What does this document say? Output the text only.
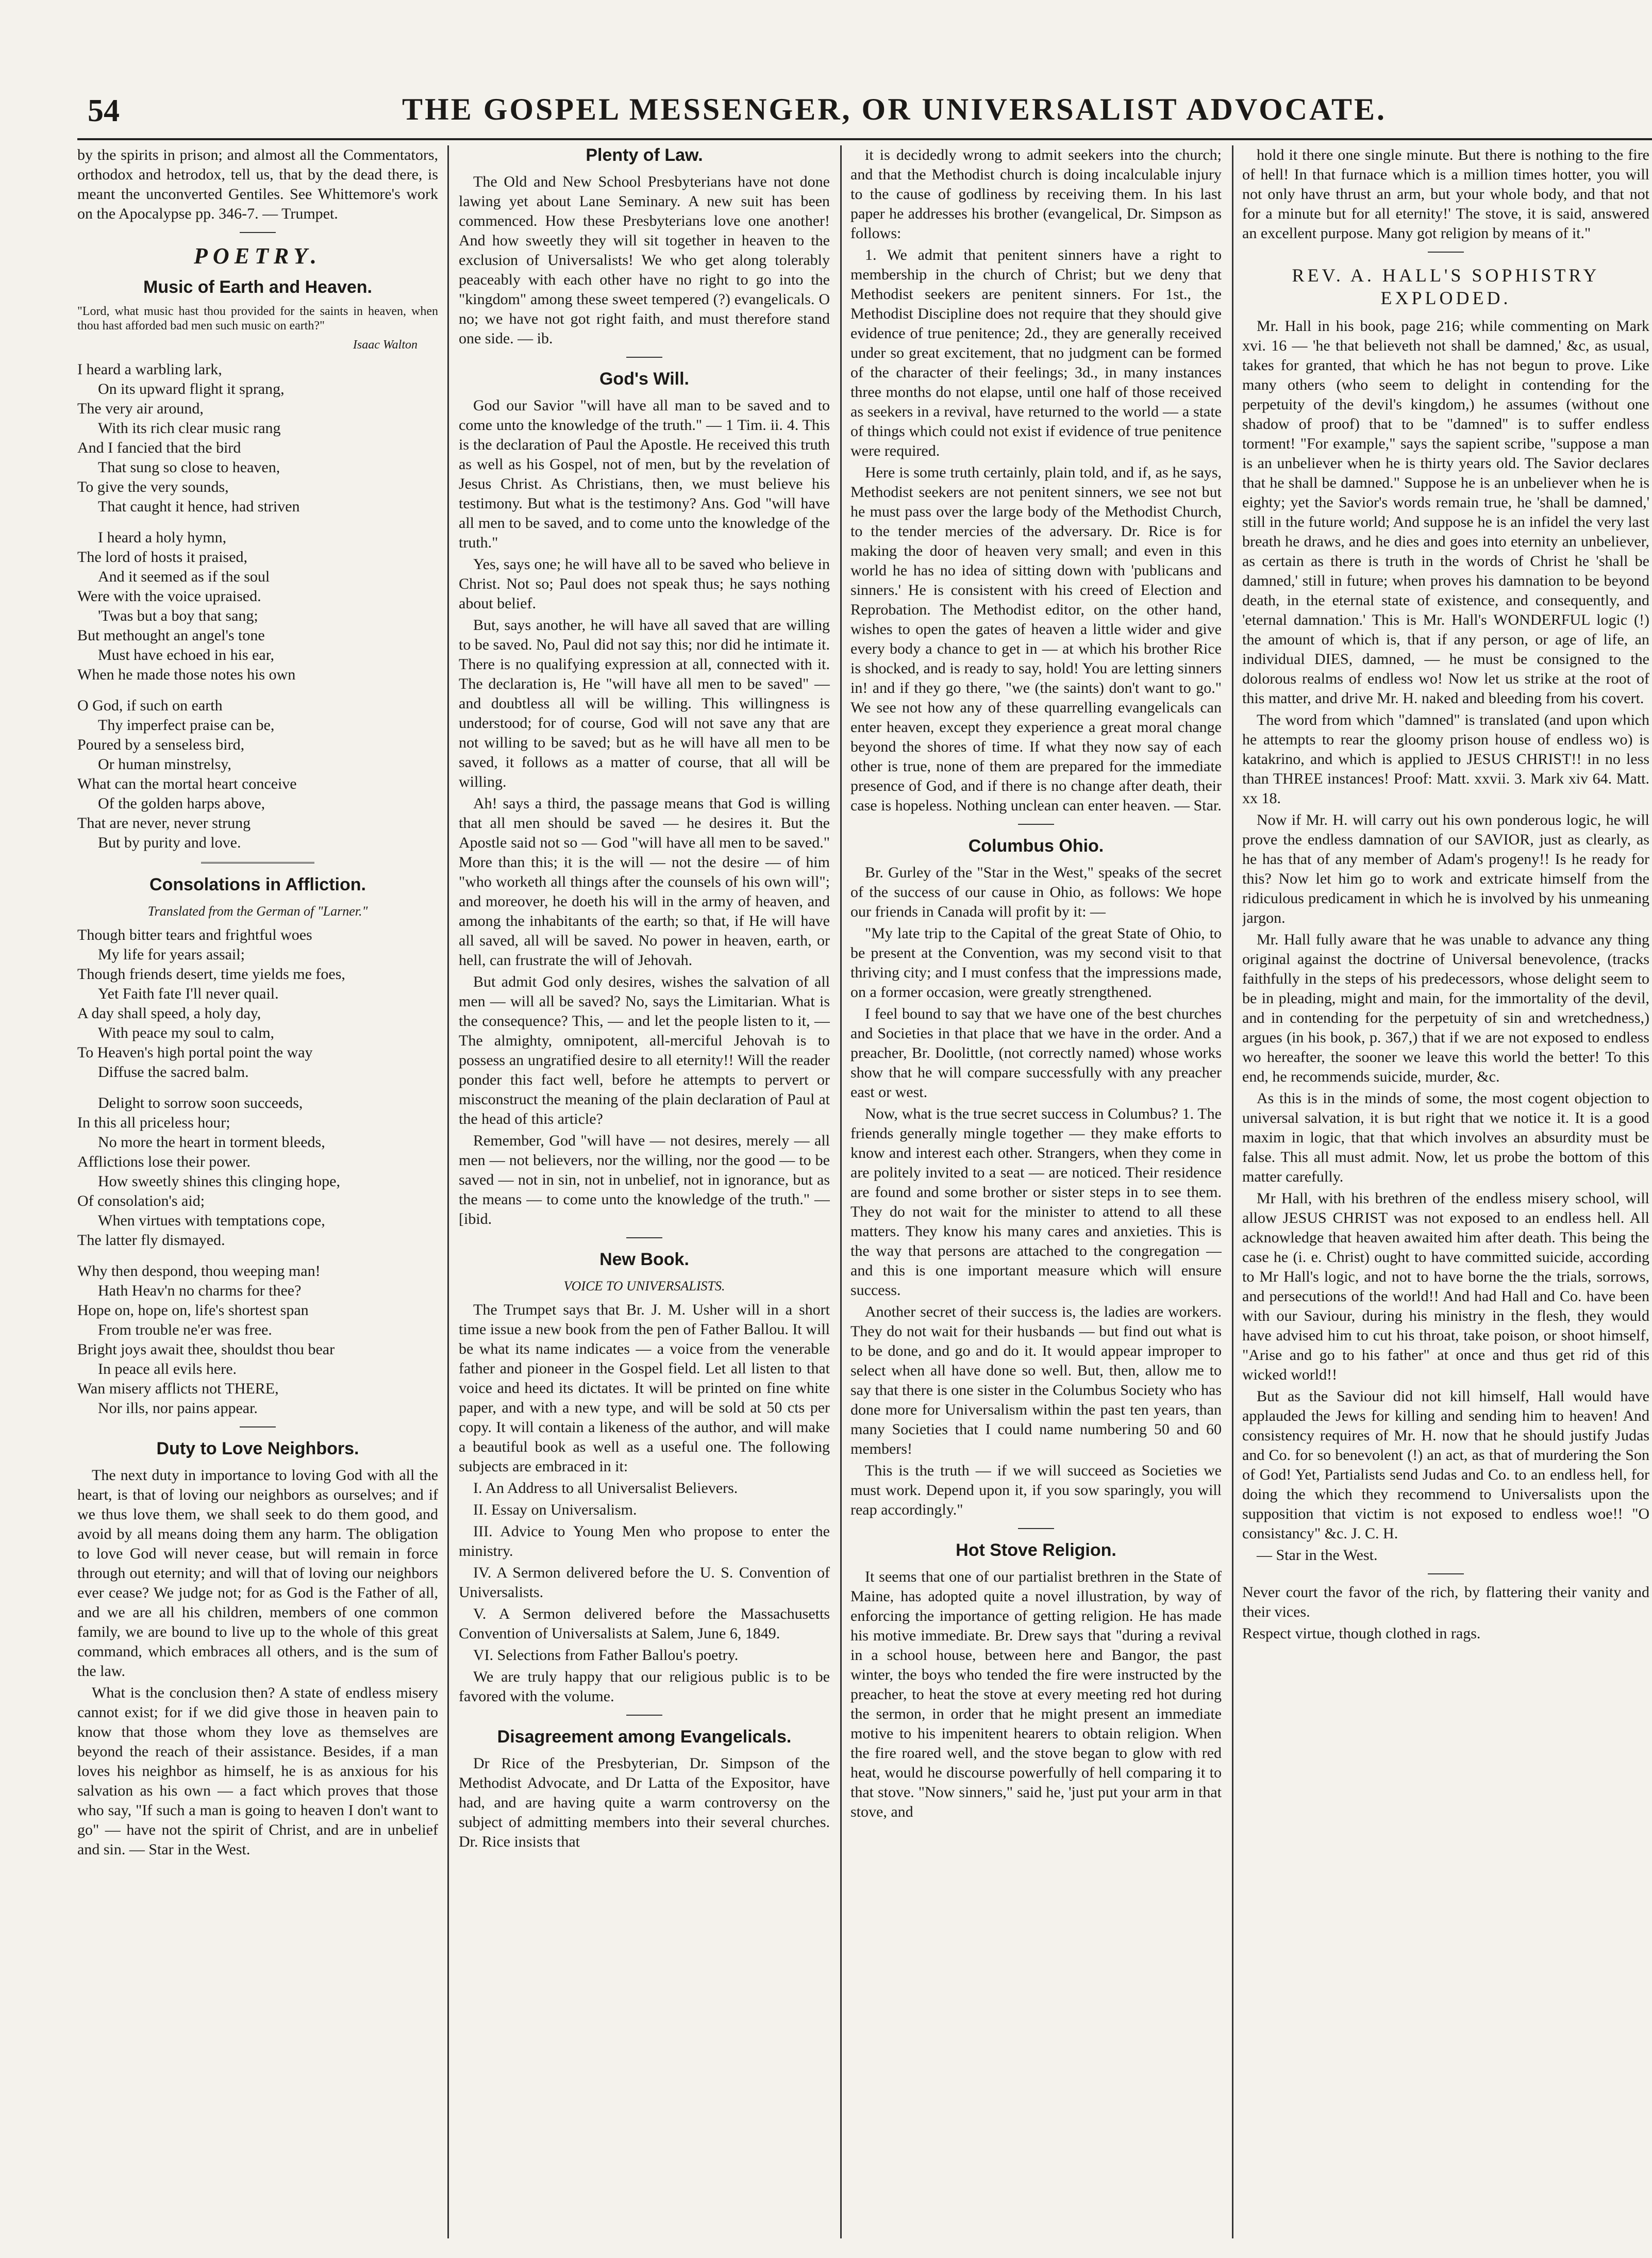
54	THE GOSPEL MESSENGER, OR UNIVERSALIST ADVOCATE.

by the spirits in prison; and almost all the Commentators, orthodox and hetrodox, tell us, that by the dead there, is meant the unconverted Gentiles. See Whittemore's work on the Apocalypse pp. 346-7. — Trumpet.

POETRY.
Music of Earth and Heaven.

"Lord, what music hast thou provided for the saints in heaven, when thou hast afforded bad men such music on earth?"

Isaac Walton
I heard a warbling lark,
On its upward flight it sprang,
The very air around,
With its rich clear music rang
And I fancied that the bird
That sung so close to heaven,
To give the very sounds,
That caught it hence, had striven
I heard a holy hymn,
The lord of hosts it praised,
And it seemed as if the soul
Were with the voice upraised.
'Twas but a boy that sang;
But methought an angel's tone
Must have echoed in his ear,
When he made those notes his own
O God, if such on earth
Thy imperfect praise can be,
Poured by a senseless bird,
Or human minstrelsy,
What can the mortal heart conceive
Of the golden harps above,
That are never, never strung
But by purity and love.
Consolations in Affliction.
Translated from the German of "Larner."
Though bitter tears and frightful woes
My life for years assail;
Though friends desert, time yields me foes,
Yet Faith fate I'll never quail.
A day shall speed, a holy day,
With peace my soul to calm,
To Heaven's high portal point the way
Diffuse the sacred balm.
Delight to sorrow soon succeeds,
In this all priceless hour;
No more the heart in torment bleeds,
Afflictions lose their power.
How sweetly shines this clinging hope,
Of consolation's aid;
When virtues with temptations cope,
The latter fly dismayed.
Why then despond, thou weeping man!
Hath Heav'n no charms for thee?
Hope on, hope on, life's shortest span
From trouble ne'er was free.
Bright joys await thee, shouldst thou bear
In peace all evils here.
Wan misery afflicts not THERE,
Nor ills, nor pains appear.
Duty to Love Neighbors.

The next duty in importance to loving God with all the heart, is that of loving our neighbors as ourselves; and if we thus love them, we shall seek to do them good, and avoid by all means doing them any harm. The obligation to love God will never cease, but will remain in force through out eternity; and will that of loving our neighbors ever cease? We judge not; for as God is the Father of all, and we are all his children, members of one common family, we are bound to live up to the whole of this great command, which embraces all others, and is the sum of the law.

What is the conclusion then? A state of endless misery cannot exist; for if we did give those in heaven pain to know that those whom they love as themselves are beyond the reach of their assistance. Besides, if a man loves his neighbor as himself, he is as anxious for his salvation as his own — a fact which proves that those who say, "If such a man is going to heaven I don't want to go" — have not the spirit of Christ, and are in unbelief and sin. — Star in the West.

Plenty of Law.

The Old and New School Presbyterians have not done lawing yet about Lane Seminary. A new suit has been commenced. How these Presbyterians love one another! And how sweetly they will sit together in heaven to the exclusion of Universalists! We who get along tolerably peaceably with each other have no right to go into the "kingdom" among these sweet tempered (?) evangelicals. O no; we have not got right faith, and must therefore stand one side. — ib.

God's Will.

God our Savior "will have all man to be saved and to come unto the knowledge of the truth." — 1 Tim. ii. 4. This is the declaration of Paul the Apostle. He received this truth as well as his Gospel, not of men, but by the revelation of Jesus Christ. As Christians, then, we must believe his testimony. But what is the testimony? Ans. God "will have all men to be saved, and to come unto the knowledge of the truth."

Yes, says one; he will have all to be saved who believe in Christ. Not so; Paul does not speak thus; he says nothing about belief.

But, says another, he will have all saved that are willing to be saved. No, Paul did not say this; nor did he intimate it. There is no qualifying expression at all, connected with it. The declaration is, He "will have all men to be saved" — and doubtless all will be willing. This willingness is understood; for of course, God will not save any that are not willing to be saved; but as he will have all men to be saved, it follows as a matter of course, that all will be willing.

Ah! says a third, the passage means that God is willing that all men should be saved — he desires it. But the Apostle said not so — God "will have all men to be saved." More than this; it is the will — not the desire — of him "who worketh all things after the counsels of his own will"; and moreover, he doeth his will in the army of heaven, and among the inhabitants of the earth; so that, if He will have all saved, all will be saved. No power in heaven, earth, or hell, can frustrate the will of Jehovah.

But admit God only desires, wishes the salvation of all men — will all be saved? No, says the Limitarian. What is the consequence? This, — and let the people listen to it, — The almighty, omnipotent, all-merciful Jehovah is to possess an ungratified desire to all eternity!! Will the reader ponder this fact well, before he attempts to pervert or misconstruct the meaning of the plain declaration of Paul at the head of this article?

Remember, God "will have — not desires, merely — all men — not believers, nor the willing, nor the good — to be saved — not in sin, not in unbelief, not in ignorance, but as the means — to come unto the knowledge of the truth." — [ibid.

New Book.
VOICE TO UNIVERSALISTS.

The Trumpet says that Br. J. M. Usher will in a short time issue a new book from the pen of Father Ballou. It will be what its name indicates — a voice from the venerable father and pioneer in the Gospel field. Let all listen to that voice and heed its dictates. It will be printed on fine white paper, and with a new type, and will be sold at 50 cts per copy. It will contain a likeness of the author, and will make a beautiful book as well as a useful one. The following subjects are embraced in it:

I. An Address to all Universalist Believers.

II. Essay on Universalism.

III. Advice to Young Men who propose to enter the ministry.

IV. A Sermon delivered before the U. S. Convention of Universalists.

V. A Sermon delivered before the Massachusetts Convention of Universalists at Salem, June 6, 1849.

VI. Selections from Father Ballou's poetry.

We are truly happy that our religious public is to be favored with the volume.

Disagreement among Evangelicals.

Dr Rice of the Presbyterian, Dr. Simpson of the Methodist Advocate, and Dr Latta of the Expositor, have had, and are having quite a warm controversy on the subject of admitting members into their several churches. Dr. Rice insists that

it is decidedly wrong to admit seekers into the church; and that the Methodist church is doing incalculable injury to the cause of godliness by receiving them. In his last paper he addresses his brother (evangelical, Dr. Simpson as follows:

1. We admit that penitent sinners have a right to membership in the church of Christ; but we deny that Methodist seekers are penitent sinners. For 1st., the Methodist Discipline does not require that they should give evidence of true penitence; 2d., they are generally received under so great excitement, that no judgment can be formed of the character of their feelings; 3d., in many instances three months do not elapse, until one half of those received as seekers in a revival, have returned to the world — a state of things which could not exist if evidence of true penitence were required.

Here is some truth certainly, plain told, and if, as he says, Methodist seekers are not penitent sinners, we see not but he must pass over the large body of the Methodist Church, to the tender mercies of the adversary. Dr. Rice is for making the door of heaven very small; and even in this world he has no idea of sitting down with 'publicans and sinners.' He is consistent with his creed of Election and Reprobation. The Methodist editor, on the other hand, wishes to open the gates of heaven a little wider and give every body a chance to get in — at which his brother Rice is shocked, and is ready to say, hold! You are letting sinners in! and if they go there, "we (the saints) don't want to go." We see not how any of these quarrelling evangelicals can enter heaven, except they experience a great moral change beyond the shores of time. If what they now say of each other is true, none of them are prepared for the immediate presence of God, and if there is no change after death, their case is hopeless. Nothing unclean can enter heaven. — Star.

Columbus Ohio.

Br. Gurley of the "Star in the West," speaks of the secret of the success of our cause in Ohio, as follows: We hope our friends in Canada will profit by it: —

"My late trip to the Capital of the great State of Ohio, to be present at the Convention, was my second visit to that thriving city; and I must confess that the impressions made, on a former occasion, were greatly strengthened.

I feel bound to say that we have one of the best churches and Societies in that place that we have in the order. And a preacher, Br. Doolittle, (not correctly named) whose works show that he will compare successfully with any preacher east or west.

Now, what is the true secret success in Columbus? 1. The friends generally mingle together — they make efforts to know and interest each other. Strangers, when they come in are politely invited to a seat — are noticed. Their residence are found and some brother or sister steps in to see them. They do not wait for the minister to attend to all these matters. They know his many cares and anxieties. This is the way that persons are attached to the congregation — and this is one important measure which will ensure success.

Another secret of their success is, the ladies are workers. They do not wait for their husbands — but find out what is to be done, and go and do it. It would appear improper to select when all have done so well. But, then, allow me to say that there is one sister in the Columbus Society who has done more for Universalism within the past ten years, than many Societies that I could name numbering 50 and 60 members!

This is the truth — if we will succeed as Societies we must work. Depend upon it, if you sow sparingly, you will reap accordingly."

Hot Stove Religion.

It seems that one of our partialist brethren in the State of Maine, has adopted quite a novel illustration, by way of enforcing the importance of getting religion. He has made his motive immediate. Br. Drew says that "during a revival in a school house, between here and Bangor, the past winter, the boys who tended the fire were instructed by the preacher, to heat the stove at every meeting red hot during the sermon, in order that he might present an immediate motive to his impenitent hearers to obtain religion. When the fire roared well, and the stove began to glow with red heat, would he discourse powerfully of hell comparing it to that stove. "Now sinners," said he, 'just put your arm in that stove, and

hold it there one single minute. But there is nothing to the fire of hell! In that furnace which is a million times hotter, you will not only have thrust an arm, but your whole body, and that not for a minute but for all eternity!' The stove, it is said, answered an excellent purpose. Many got religion by means of it."

REV. A. HALL'S SOPHISTRY EXPLODED.

Mr. Hall in his book, page 216; while commenting on Mark xvi. 16 — 'he that believeth not shall be damned,' &c, as usual, takes for granted, that which he has not begun to prove. Like many others (who seem to delight in contending for the perpetuity of the devil's kingdom,) he assumes (without one shadow of proof) that to be "damned" is to suffer endless torment! "For example," says the sapient scribe, "suppose a man is an unbeliever when he is thirty years old. The Savior declares that he shall be damned." Suppose he is an unbeliever when he is eighty; yet the Savior's words remain true, he 'shall be damned,' still in the future world; And suppose he is an infidel the very last breath he draws, and he dies and goes into eternity an unbeliever, as certain as there is truth in the words of Christ he 'shall be damned,' still in future; when proves his damnation to be beyond death, in the eternal state of existence, and consequently, and 'eternal damnation.' This is Mr. Hall's WONDERFUL logic (!) the amount of which is, that if any person, or age of life, an individual DIES, damned, — he must be consigned to the dolorous realms of endless wo! Now let us strike at the root of this matter, and drive Mr. H. naked and bleeding from his covert.

The word from which "damned" is translated (and upon which he attempts to rear the gloomy prison house of endless wo) is katakrino, and which is applied to JESUS CHRIST!! in no less than THREE instances! Proof: Matt. xxvii. 3. Mark xiv 64. Matt. xx 18.

Now if Mr. H. will carry out his own ponderous logic, he will prove the endless damnation of our SAVIOR, just as clearly, as he has that of any member of Adam's progeny!! Is he ready for this? Now let him go to work and extricate himself from the ridiculous predicament in which he is involved by his unmeaning jargon.

Mr. Hall fully aware that he was unable to advance any thing original against the doctrine of Universal benevolence, (tracks faithfully in the steps of his predecessors, whose delight seem to be in pleading, might and main, for the immortality of the devil, and in contending for the perpetuity of sin and wretchedness,) argues (in his book, p. 367,) that if we are not exposed to endless wo hereafter, the sooner we leave this world the better! To this end, he recommends suicide, murder, &c.

As this is in the minds of some, the most cogent objection to universal salvation, it is but right that we notice it. It is a good maxim in logic, that that which involves an absurdity must be false. This all must admit. Now, let us probe the bottom of this matter carefully.

Mr Hall, with his brethren of the endless misery school, will allow JESUS CHRIST was not exposed to an endless hell. All acknowledge that heaven awaited him after death. This being the case he (i. e. Christ) ought to have committed suicide, according to Mr Hall's logic, and not to have borne the the trials, sorrows, and persecutions of the world!! And had Hall and Co. have been with our Saviour, during his ministry in the flesh, they would have advised him to cut his throat, take poison, or shoot himself, "Arise and go to his father" at once and thus get rid of this wicked world!!

But as the Saviour did not kill himself, Hall would have applauded the Jews for killing and sending him to heaven! And consistency requires of Mr. H. now that he should justify Judas and Co. for so benevolent (!) an act, as that of murdering the Son of God! Yet, Partialists send Judas and Co. to an endless hell, for doing the which they recommend to Universalists upon the supposition that victim is not exposed to endless woe!! "O consistancy" &c. J. C. H.

— Star in the West.

Never court the favor of the rich, by flattering their vanity and their vices.

Respect virtue, though clothed in rags.
